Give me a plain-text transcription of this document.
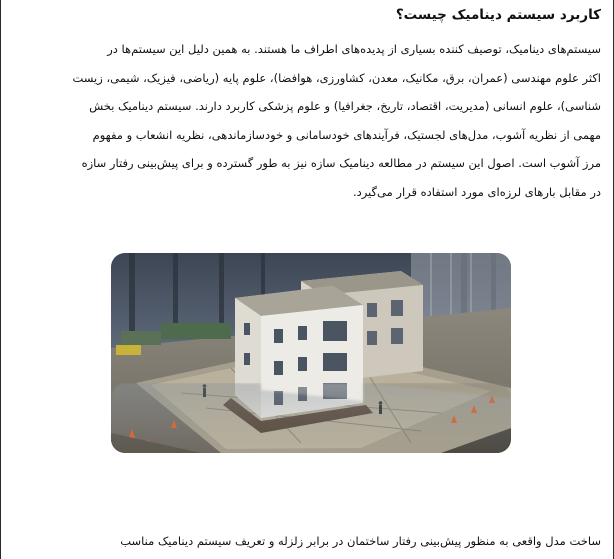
کاربرد سیستم دینامیک چیست؟
سیستم‌های دینامیک، توصیف کننده بسیاری از پدیده‌های اطراف ما هستند. به همین دلیل این سیستم‌ها در
اکثر علوم مهندسی (عمران، برق، مکانیک، معدن، کشاورزی، هوافضا)، علوم پایه (ریاضی، فیزیک، شیمی، زیست
شناسی)، علوم انسانی (مدیریت، اقتصاد، تاریخ، جغرافیا) و علوم پزشکی کاربرد دارند. سیستم دینامیک بخش
مهمی از نظریه آشوب، مدل‌های لجستیک، فرآیندهای خودسامانی و خودسازماندهی، نظریه انشعاب و مفهوم
مرز آشوب است. اصول این سیستم در مطالعه دینامیک سازه نیز به طور گسترده و برای پیش‌بینی رفتار سازه
در مقابل بارهای لرزه‌ای مورد استفاده قرار می‌گیرد.
ساخت مدل واقعی به منظور پیش‌بینی رفتار ساختمان در برابر زلزله و تعریف سیستم دینامیک مناسب
